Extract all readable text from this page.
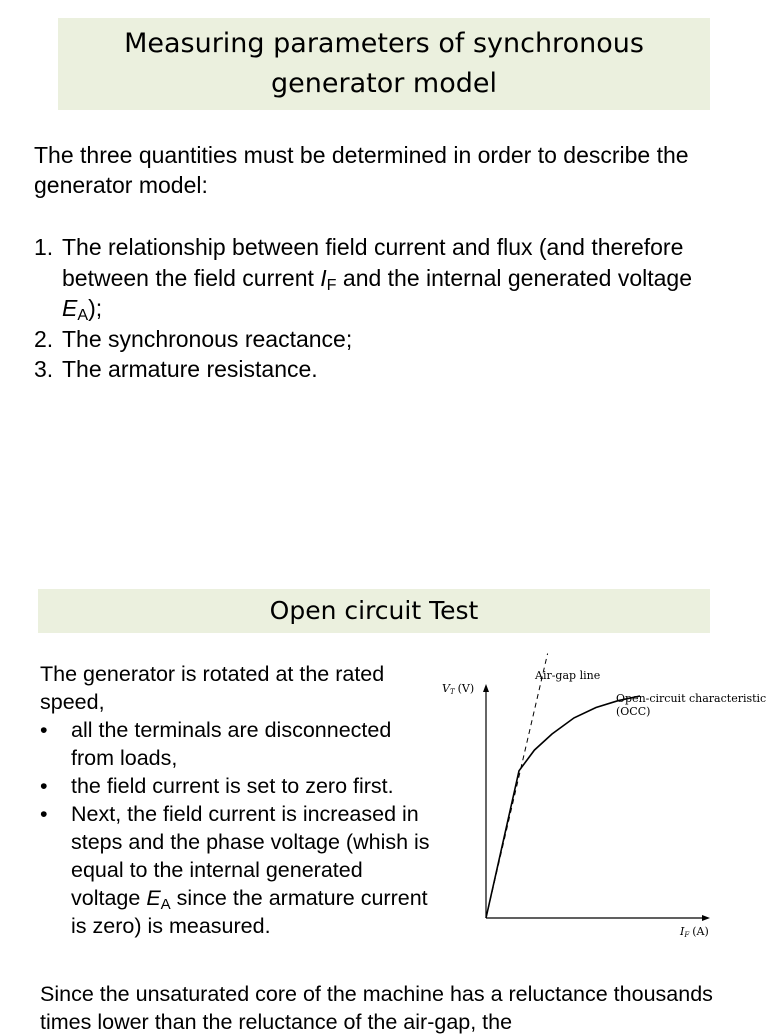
Measuring parameters of synchronous
generator model

The three quantities must be determined in order to describe the generator model:

1. The relationship between field current and flux (and therefore between the field current $I_F$ and the internal generated voltage $E_A$);
2. The synchronous reactance;
3. The armature resistance.
Open circuit Test

The generator is rotated at the rated speed,

• all the terminals are disconnected from loads,
• the field current is set to zero first.
• Next, the field current is increased in steps and the phase voltage (whish is equal to the internal generated voltage $E_A$ since the armature current is zero) is measured.
VT (V)
IF (A)
Air-gap line
Open-circuit characteristic
(OCC)

Since the unsaturated core of the machine has a reluctance thousands times lower than the reluctance of the air-gap, the
